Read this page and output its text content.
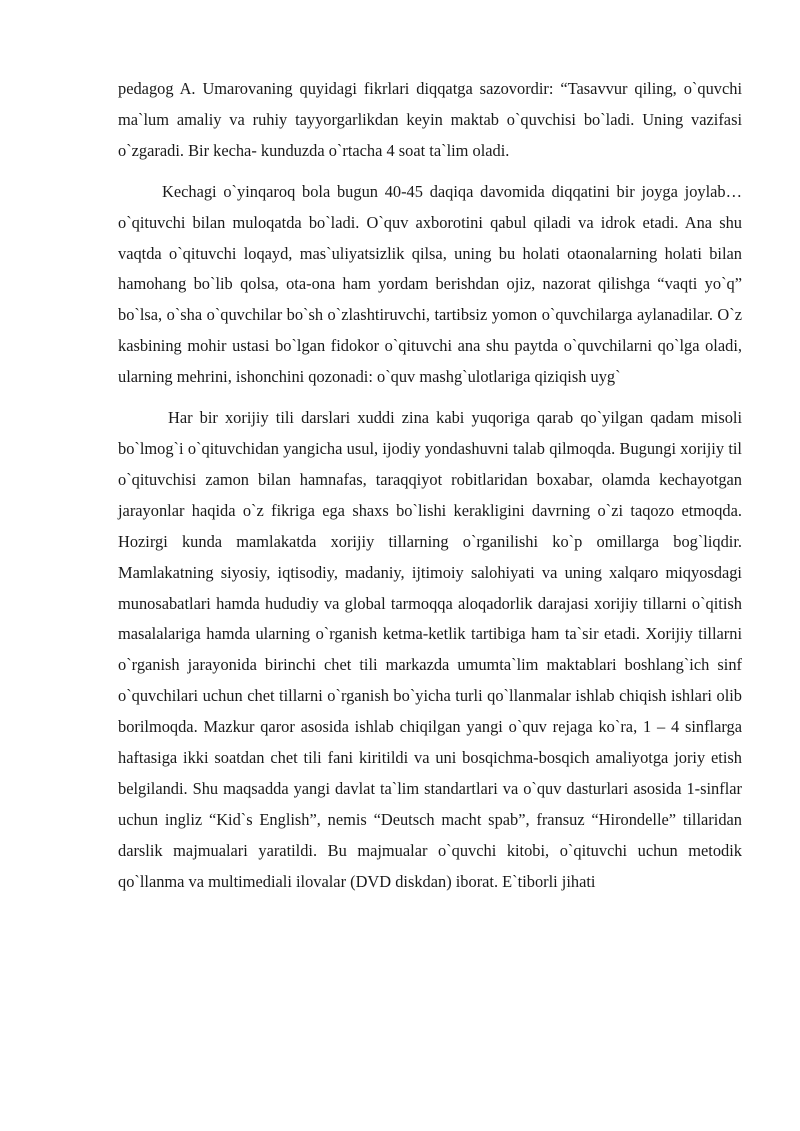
pedagog A. Umarovaning quyidagi fikrlari diqqatga sazovordir: “Tasavvur qiling, o`quvchi ma`lum amaliy va ruhiy tayyorgarlikdan keyin maktab o`quvchisi bo`ladi. Uning vazifasi o`zgaradi. Bir kecha- kunduzda o`rtacha 4 soat ta`lim oladi.

Kechagi o`yinqaroq bola bugun 40-45 daqiqa davomida diqqatini bir joyga joylab… o`qituvchi bilan muloqatda bo`ladi. O`quv axborotini qabul qiladi va idrok etadi. Ana shu vaqtda o`qituvchi loqayd, mas`uliyatsizlik qilsa, uning bu holati otaonalarning holati bilan hamohang bo`lib qolsa, ota-ona ham yordam berishdan ojiz, nazorat qilishga “vaqti yo`q” bo`lsa, o`sha o`quvchilar bo`sh o`zlashtiruvchi, tartibsiz yomon o`quvchilarga aylanadilar. O`z kasbining mohir ustasi bo`lgan fidokor o`qituvchi ana shu paytda o`quvchilarni qo`lga oladi, ularning mehrini, ishonchini qozonadi: o`quv mashg`ulotlariga qiziqish uyg`

Har bir xorijiy tili darslari xuddi zina kabi yuqoriga qarab qo`yilgan qadam misoli bo`lmog`i o`qituvchidan yangicha usul, ijodiy yondashuvni talab qilmoqda. Bugungi xorijiy til o`qituvchisi zamon bilan hamnafas, taraqqiyot robitlaridan boxabar, olamda kechayotgan jarayonlar haqida o`z fikriga ega shaxs bo`lishi kerakligini davrning o`zi taqozo etmoqda. Hozirgi kunda mamlakatda xorijiy tillarning o`rganilishi ko`p omillarga bog`liqdir. Mamlakatning siyosiy, iqtisodiy, madaniy, ijtimoiy salohiyati va uning xalqaro miqyosdagi munosabatlari hamda hududiy va global tarmoqqa aloqadorlik darajasi xorijiy tillarni o`qitish masalalariga hamda ularning o`rganish ketma-ketlik tartibiga ham ta`sir etadi. Xorijiy tillarni o`rganish jarayonida birinchi chet tili markazda umumta`lim maktablari boshlang`ich sinf o`quvchilari uchun chet tillarni o`rganish bo`yicha turli qo`llanmalar ishlab chiqish ishlari olib borilmoqda. Mazkur qaror asosida ishlab chiqilgan yangi o`quv rejaga ko`ra, 1 – 4 sinflarga haftasiga ikki soatdan chet tili fani kiritildi va uni bosqichma-bosqich amaliyotga joriy etish belgilandi. Shu maqsadda yangi davlat ta`lim standartlari va o`quv dasturlari asosida 1-sinflar uchun ingliz “Kid`s English”, nemis “Deutsch macht spab”, fransuz “Hirondelle” tillaridan darslik majmualari yaratildi. Bu majmualar o`quvchi kitobi, o`qituvchi uchun metodik qo`llanma va multimediali ilovalar (DVD diskdan) iborat. E`tiborli jihati
